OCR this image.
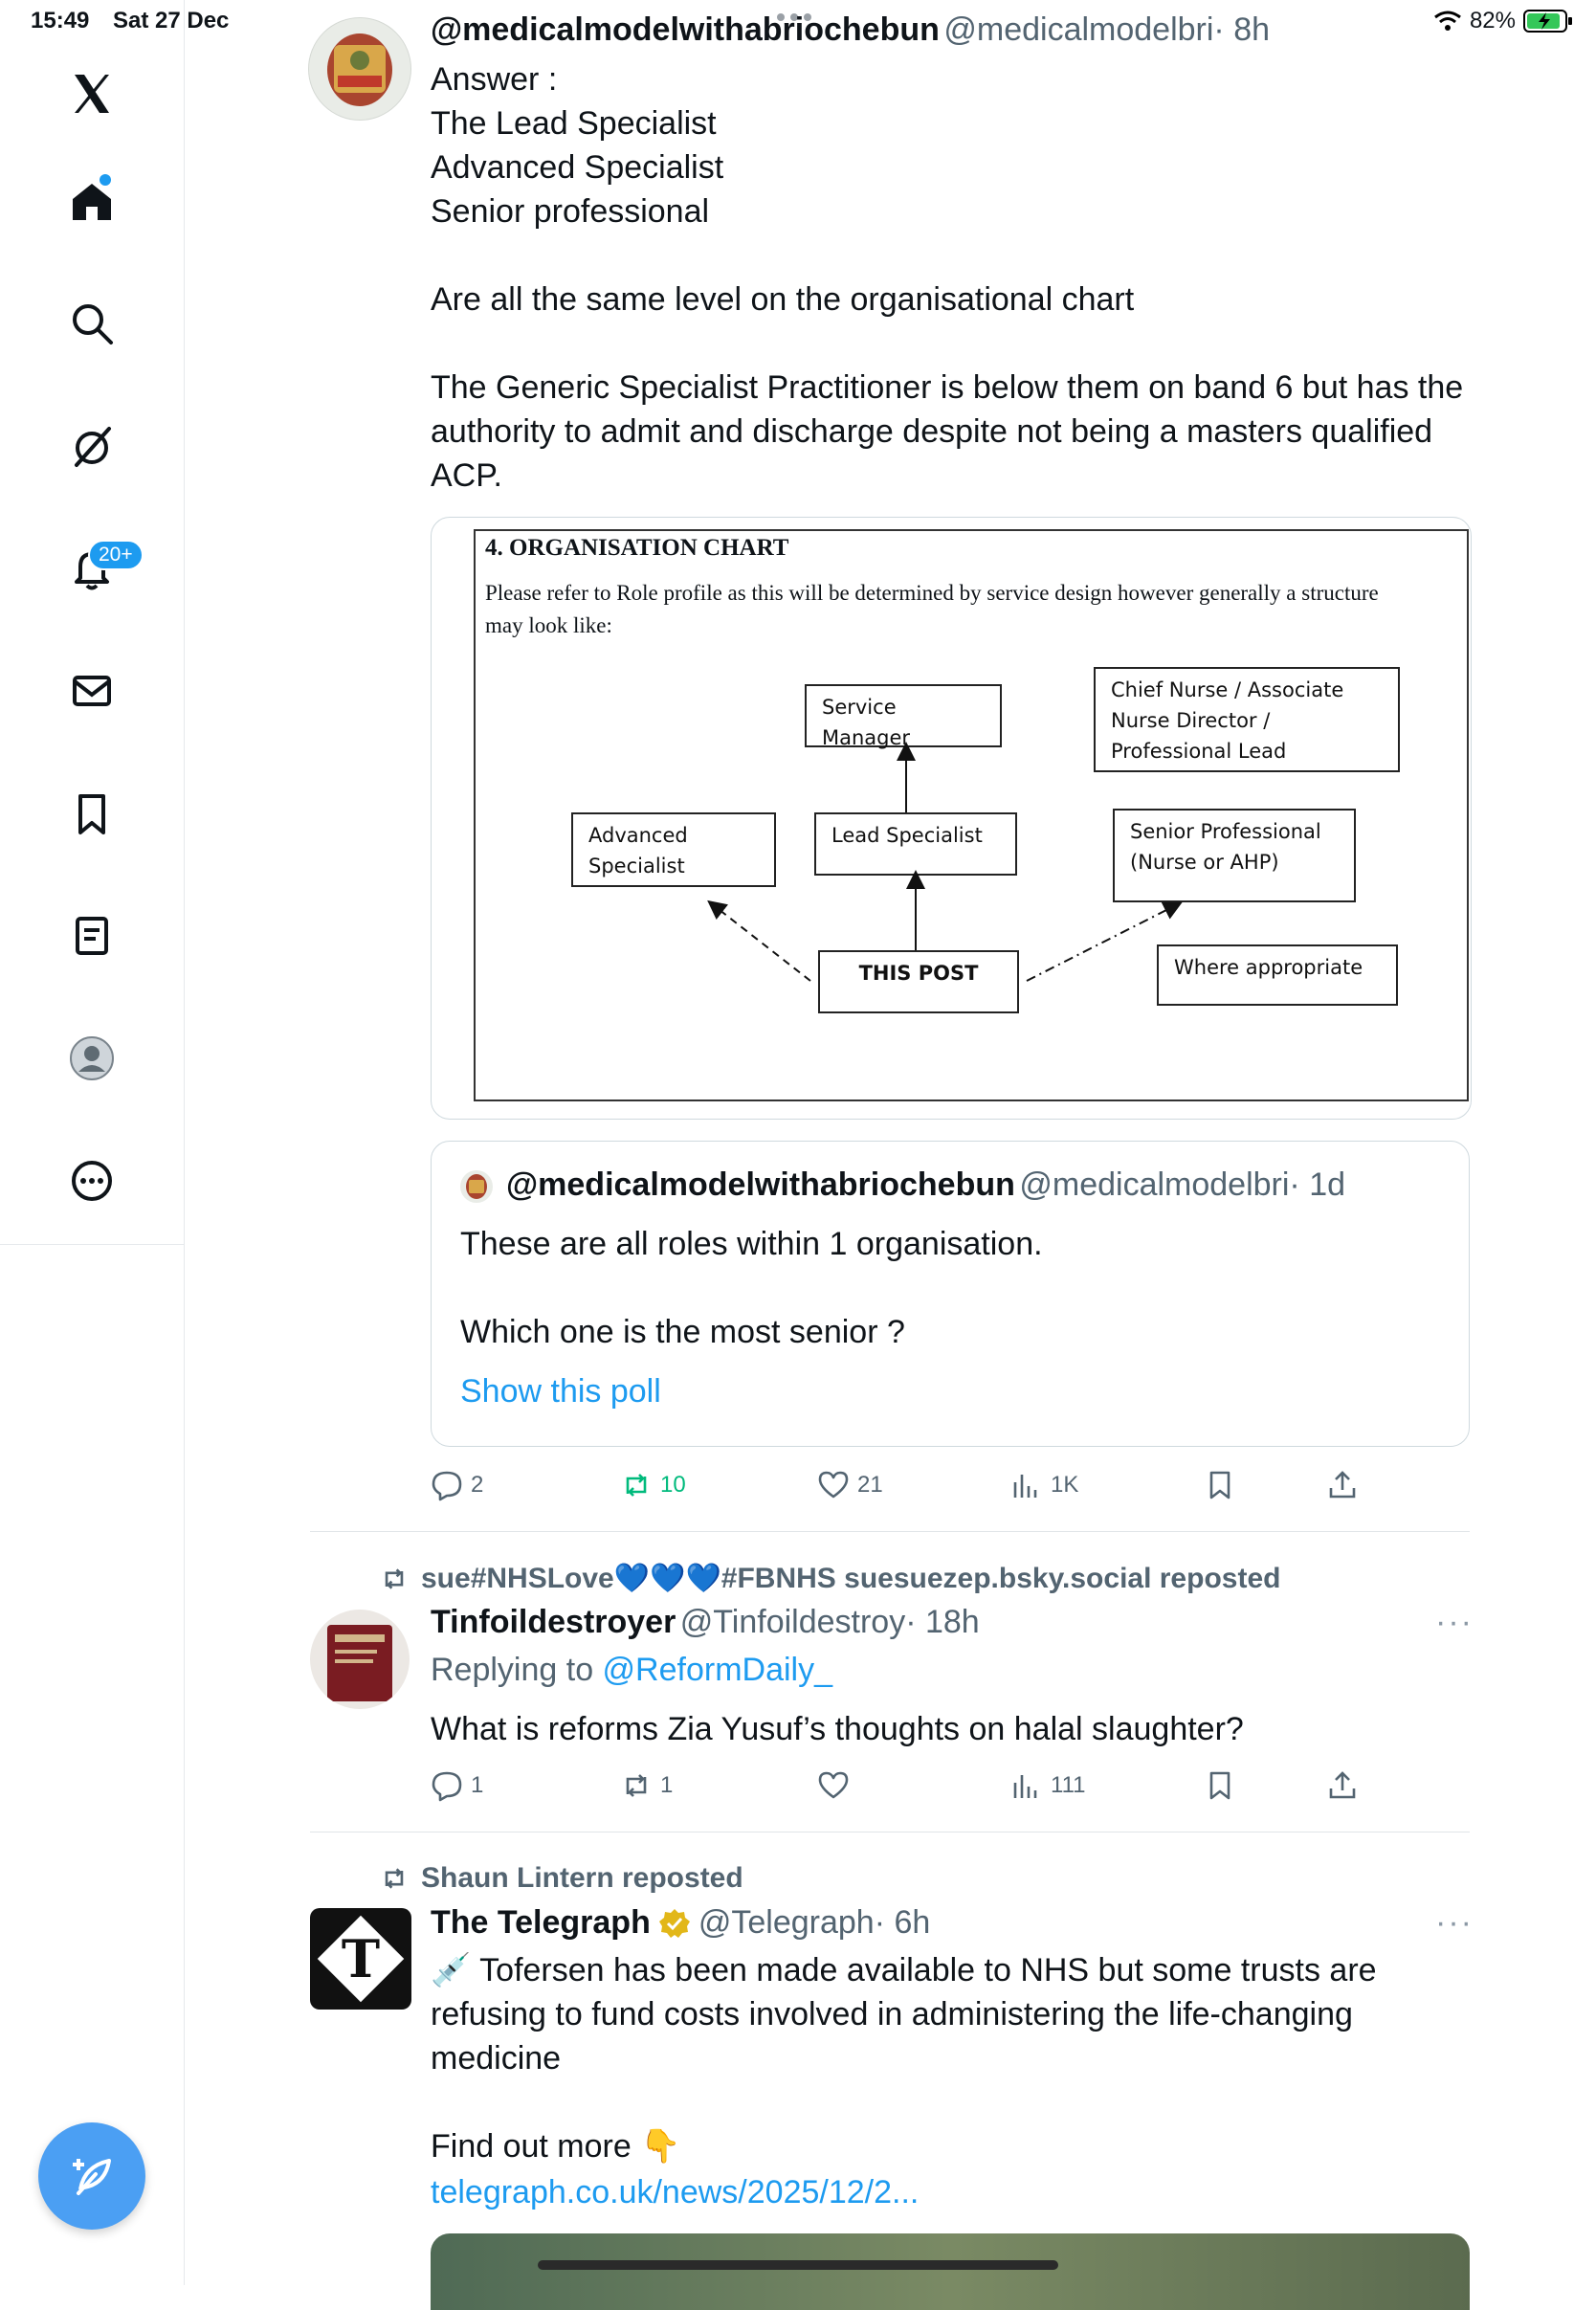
15:49 Sat 27 Dec	82%
20+
@medicalmodelwithabriochebun @medicalmodelbri· 8h
Answer :
The Lead Specialist
Advanced Specialist
Senior professional

Are all the same level on the organisational chart

The Generic Specialist Practitioner is below them on band 6 but has the authority to admit and discharge despite not being a masters qualified ACP.
4. ORGANISATION CHART
Please refer to Role profile as this will be determined by service design however generally a structure may look like:
Service Manager
Chief Nurse / Associate
Nurse Director /
Professional Lead
Advanced
Specialist
Lead Specialist	Senior Professional
(Nurse or AHP)
THIS POST	Where appropriate
@medicalmodelwithabriochebun @medicalmodelbri· 1d
These are all roles within 1 organisation.

Which one is the most senior ?
Show this poll
2	10	21	1K
sue#NHSLove💙💙💙#FBNHS suesuezep.bsky.social reposted
Tinfoildestroyer @Tinfoildestroy· 18h	···
Replying to @ReformDaily_
What is reforms Zia Yusuf’s thoughts on halal slaughter?
1	1	111
Shaun Lintern reposted
T
The Telegraph @Telegraph· 6h	···
💉 Tofersen has been made available to NHS but some trusts are refusing to fund costs involved in administering the life-changing medicine

Find out more 👇
telegraph.co.uk/news/2025/12/2...
